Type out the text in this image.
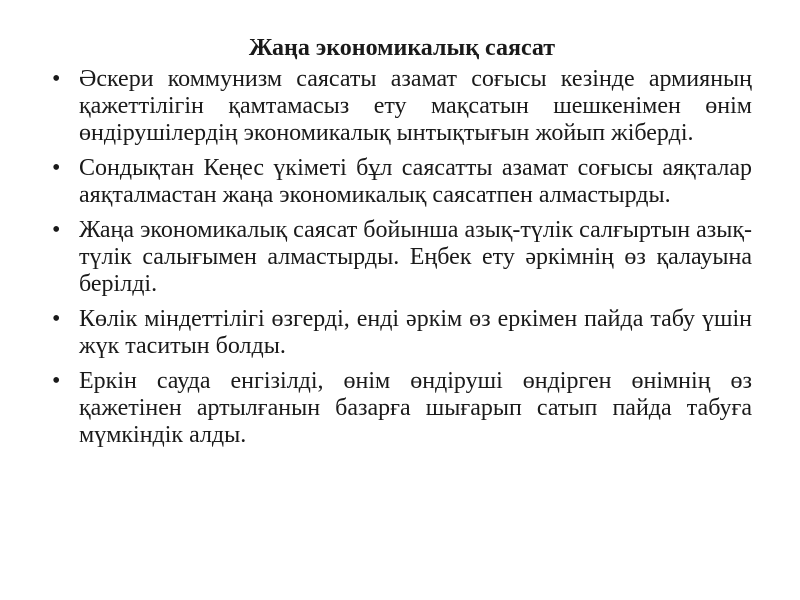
Жаңа экономикалық саясат
• Әскери коммунизм саясаты азамат соғысы кезінде армияның қажеттілігін қамтамасыз ету мақсатын шешкенімен өнім өндірушілердің экономикалық ынтықтығын жойып жіберді.
• Сондықтан Кеңес үкіметі бұл саясатты азамат соғысы аяқталар аяқталмастан жаңа экономикалық саясатпен алмастырды.
• Жаңа экономикалық саясат бойынша азық-түлік салғыртын азық-түлік салығымен алмастырды. Еңбек ету әркімнің өз қалауына берілді.
• Көлік міндеттілігі өзгерді, енді әркім өз еркімен пайда табу үшін жүк таситын болды.
• Еркін сауда енгізілді, өнім өндіруші өндірген өнімнің өз қажетінен артылғанын базарға шығарып сатып пайда табуға мүмкіндік алды.
